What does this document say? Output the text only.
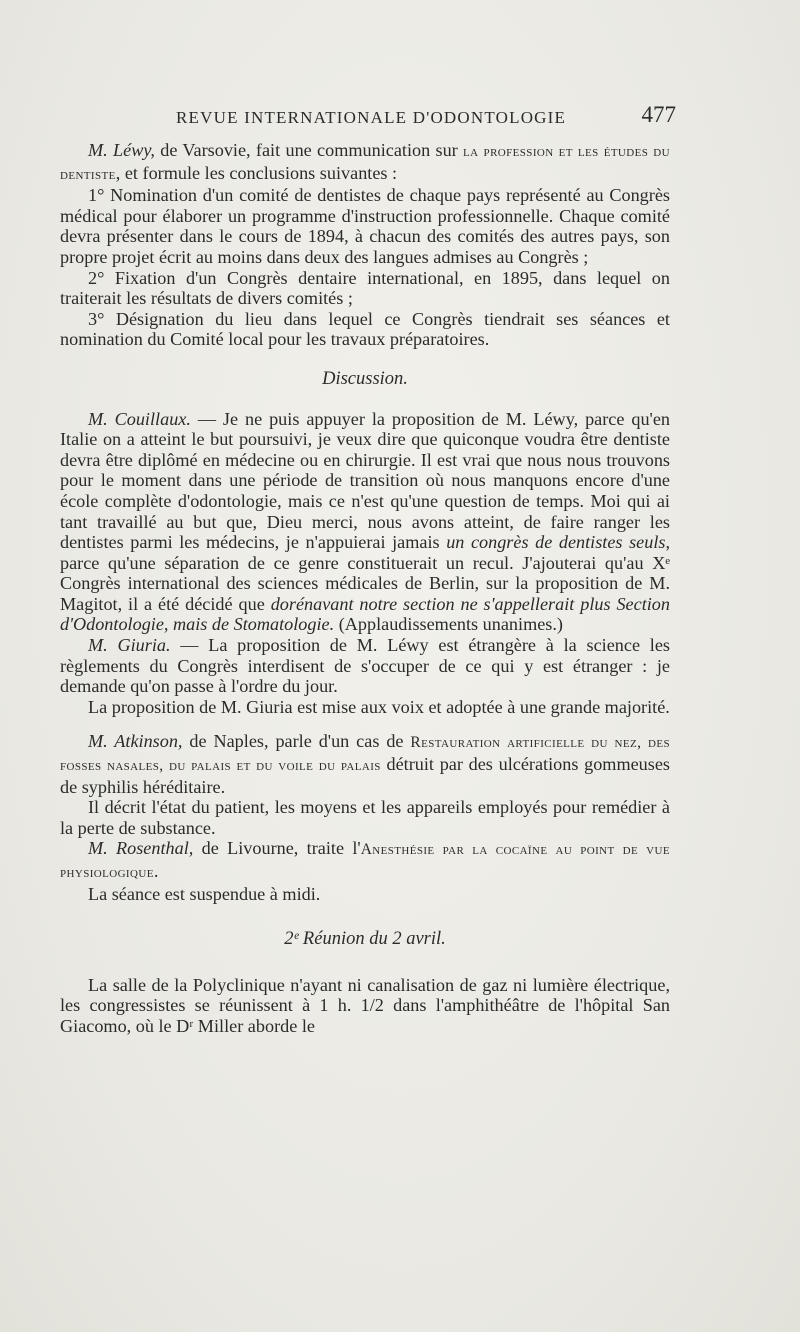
REVUE INTERNATIONALE D'ODONTOLOGIE	477

M. Léwy, de Varsovie, fait une communication sur la profession et les études du dentiste, et formule les conclusions suivantes :

1° Nomination d'un comité de dentistes de chaque pays représenté au Congrès médical pour élaborer un programme d'instruction professionnelle. Chaque comité devra présenter dans le cours de 1894, à chacun des comités des autres pays, son propre projet écrit au moins dans deux des langues admises au Congrès ;

2° Fixation d'un Congrès dentaire international, en 1895, dans lequel on traiterait les résultats de divers comités ;

3° Désignation du lieu dans lequel ce Congrès tiendrait ses séances et nomination du Comité local pour les travaux préparatoires.

Discussion.

M. Couillaux. — Je ne puis appuyer la proposition de M. Léwy, parce qu'en Italie on a atteint le but poursuivi, je veux dire que quiconque voudra être dentiste devra être diplômé en médecine ou en chirurgie. Il est vrai que nous nous trouvons pour le moment dans une période de transition où nous manquons encore d'une école complète d'odontologie, mais ce n'est qu'une question de temps. Moi qui ai tant travaillé au but que, Dieu merci, nous avons atteint, de faire ranger les dentistes parmi les médecins, je n'appuierai jamais un congrès de dentistes seuls, parce qu'une séparation de ce genre constituerait un recul. J'ajouterai qu'au Xᵉ Congrès international des sciences médicales de Berlin, sur la proposition de M. Magitot, il a été décidé que dorénavant notre section ne s'appellerait plus Section d'Odontologie, mais de Stomatologie. (Applaudissements unanimes.)

M. Giuria. — La proposition de M. Léwy est étrangère à la science les règlements du Congrès interdisent de s'occuper de ce qui y est étranger : je demande qu'on passe à l'ordre du jour.

La proposition de M. Giuria est mise aux voix et adoptée à une grande majorité.

M. Atkinson, de Naples, parle d'un cas de Restauration artificielle du nez, des fosses nasales, du palais et du voile du palais détruit par des ulcérations gommeuses de syphilis héréditaire.

Il décrit l'état du patient, les moyens et les appareils employés pour remédier à la perte de substance.

M. Rosenthal, de Livourne, traite l'Anesthésie par la cocaïne au point de vue physiologique.

La séance est suspendue à midi.

2ᵉ Réunion du 2 avril.

La salle de la Polyclinique n'ayant ni canalisation de gaz ni lumière électrique, les congressistes se réunissent à 1 h. 1/2 dans l'amphithéâtre de l'hôpital San Giacomo, où le Dʳ Miller aborde le
